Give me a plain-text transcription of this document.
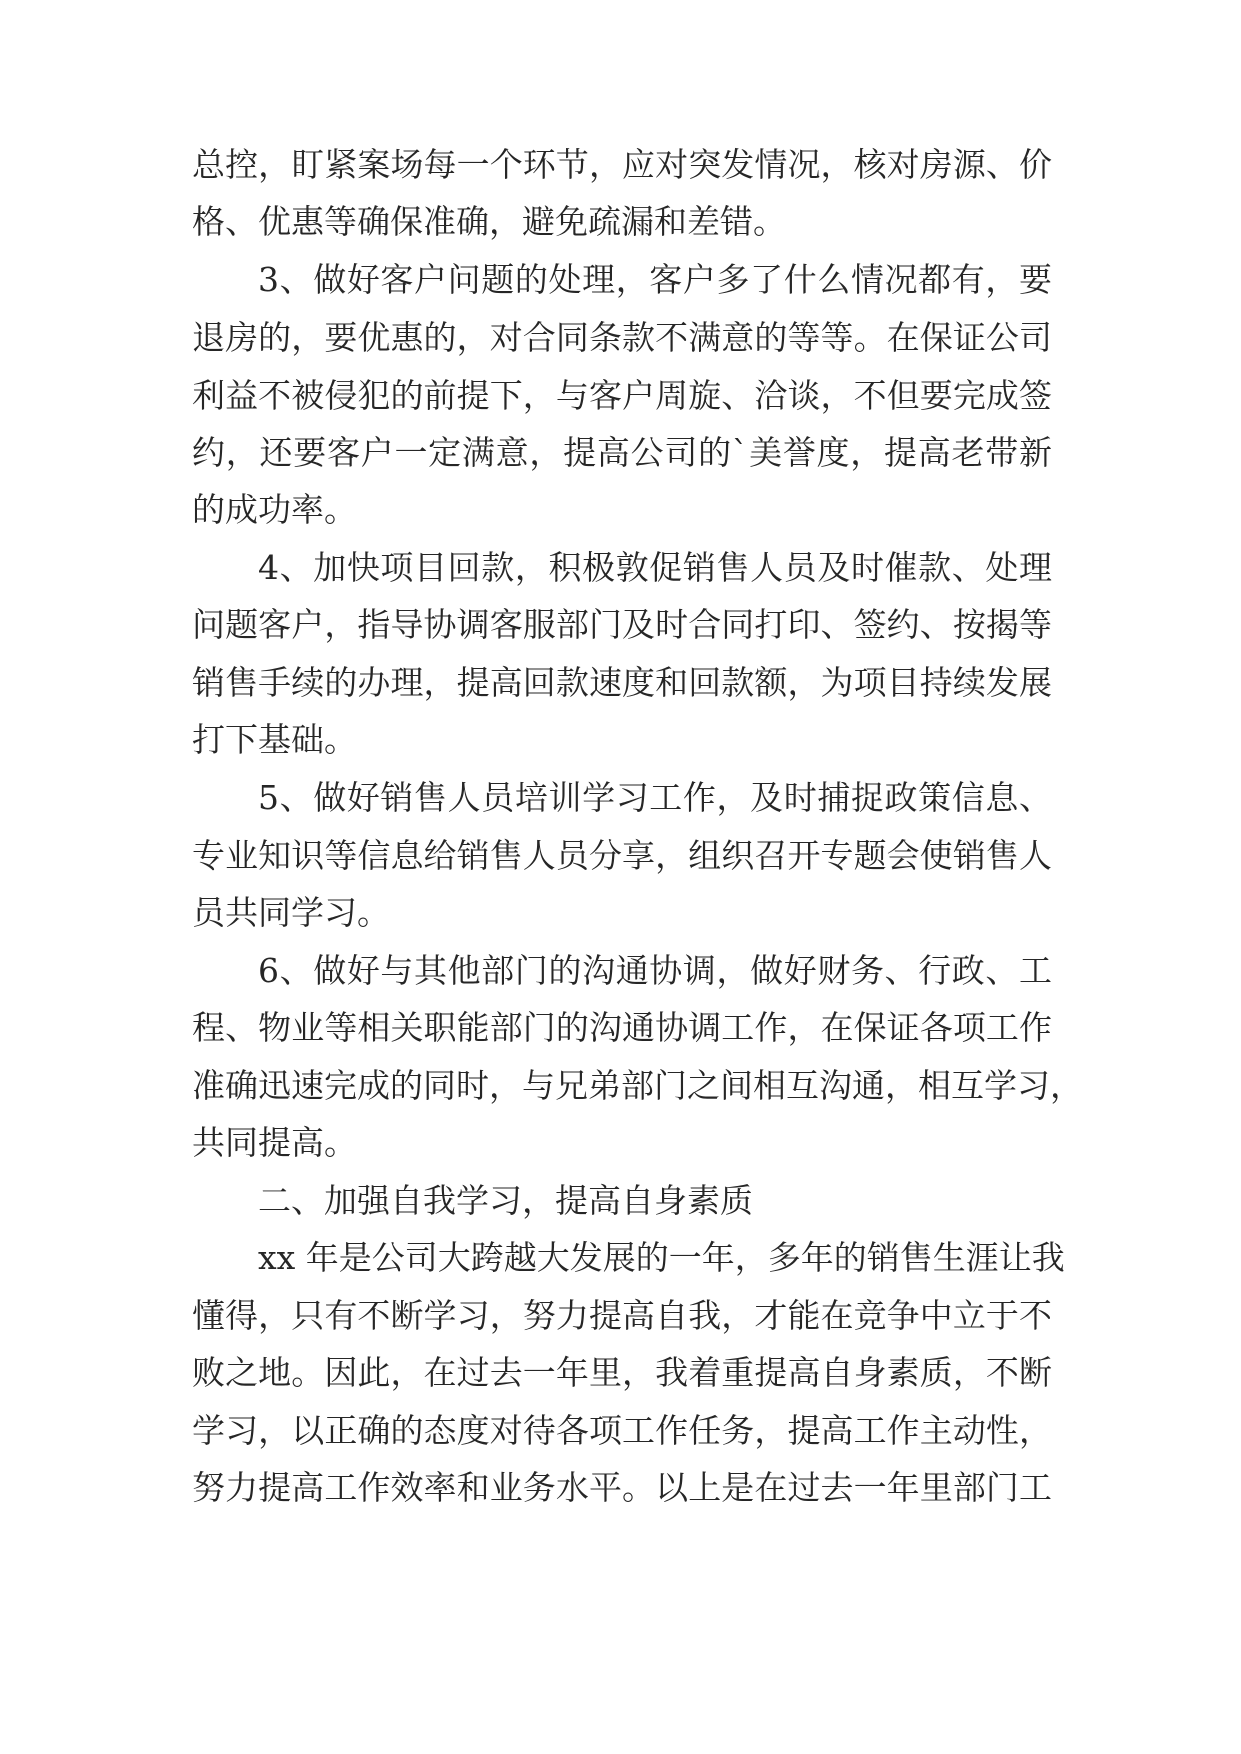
总控，盯紧案场每一个环节，应对突发情况，核对房源、价
格、优惠等确保准确，避免疏漏和差错。
3、做好客户问题的处理，客户多了什么情况都有，要
退房的，要优惠的，对合同条款不满意的等等。在保证公司
利益不被侵犯的前提下，与客户周旋、洽谈，不但要完成签
约，还要客户一定满意，提高公司的`美誉度，提高老带新
的成功率。
4、加快项目回款，积极敦促销售人员及时催款、处理
问题客户，指导协调客服部门及时合同打印、签约、按揭等
销售手续的办理，提高回款速度和回款额，为项目持续发展
打下基础。
5、做好销售人员培训学习工作，及时捕捉政策信息、
专业知识等信息给销售人员分享，组织召开专题会使销售人
员共同学习。
6、做好与其他部门的沟通协调，做好财务、行政、工
程、物业等相关职能部门的沟通协调工作，在保证各项工作
准确迅速完成的同时，与兄弟部门之间相互沟通，相互学习，
共同提高。
二、加强自我学习，提高自身素质
xx 年是公司大跨越大发展的一年，多年的销售生涯让我
懂得，只有不断学习，努力提高自我，才能在竞争中立于不
败之地。因此，在过去一年里，我着重提高自身素质，不断
学习，以正确的态度对待各项工作任务，提高工作主动性，
努力提高工作效率和业务水平。以上是在过去一年里部门工
